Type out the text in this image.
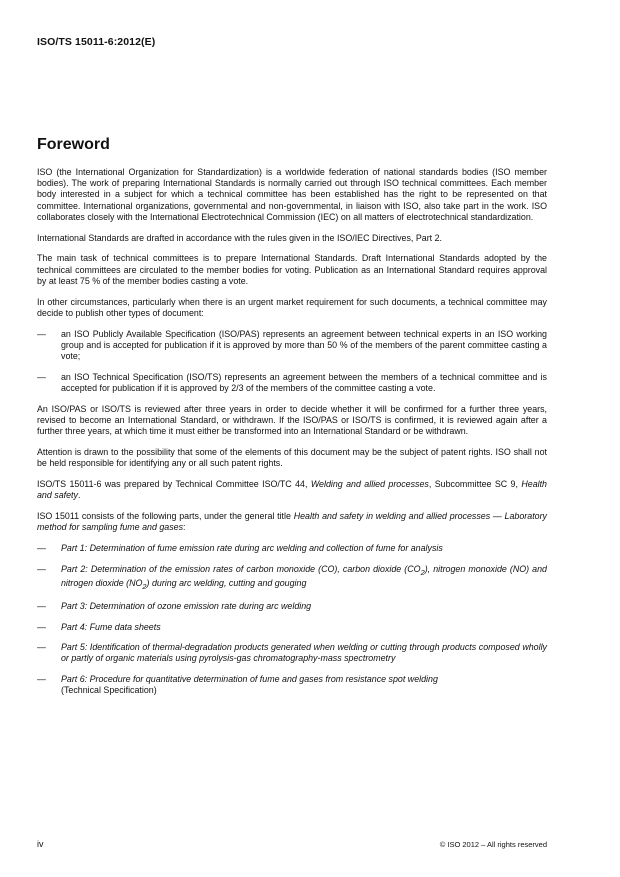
ISO/TS 15011-6:2012(E)
Foreword

ISO (the International Organization for Standardization) is a worldwide federation of national standards bodies (ISO member bodies). The work of preparing International Standards is normally carried out through ISO technical committees. Each member body interested in a subject for which a technical committee has been established has the right to be represented on that committee. International organizations, governmental and non-governmental, in liaison with ISO, also take part in the work. ISO collaborates closely with the International Electrotechnical Commission (IEC) on all matters of electrotechnical standardization.

International Standards are drafted in accordance with the rules given in the ISO/IEC Directives, Part 2.

The main task of technical committees is to prepare International Standards. Draft International Standards adopted by the technical committees are circulated to the member bodies for voting. Publication as an International Standard requires approval by at least 75 % of the member bodies casting a vote.

In other circumstances, particularly when there is an urgent market requirement for such documents, a technical committee may decide to publish other types of document:

—	an ISO Publicly Available Specification (ISO/PAS) represents an agreement between technical experts in an ISO working group and is accepted for publication if it is approved by more than 50 % of the members of the parent committee casting a vote;
—	an ISO Technical Specification (ISO/TS) represents an agreement between the members of a technical committee and is accepted for publication if it is approved by 2/3 of the members of the committee casting a vote.

An ISO/PAS or ISO/TS is reviewed after three years in order to decide whether it will be confirmed for a further three years, revised to become an International Standard, or withdrawn. If the ISO/PAS or ISO/TS is confirmed, it is reviewed again after a further three years, at which time it must either be transformed into an International Standard or be withdrawn.

Attention is drawn to the possibility that some of the elements of this document may be the subject of patent rights. ISO shall not be held responsible for identifying any or all such patent rights.

ISO/TS 15011-6 was prepared by Technical Committee ISO/TC 44, Welding and allied processes, Subcommittee SC 9, Health and safety.

ISO 15011 consists of the following parts, under the general title Health and safety in welding and allied processes — Laboratory method for sampling fume and gases:

—	Part 1: Determination of fume emission rate during arc welding and collection of fume for analysis
—	Part 2: Determination of the emission rates of carbon monoxide (CO), carbon dioxide $(CO_2)$, nitrogen monoxide (NO) and nitrogen dioxide $(NO_2)$ during arc welding, cutting and gouging
—	Part 3: Determination of ozone emission rate during arc welding
—	Part 4: Fume data sheets
—	Part 5: Identification of thermal-degradation products generated when welding or cutting through products composed wholly or partly of organic materials using pyrolysis-gas chromatography-mass spectrometry
—	Part 6: Procedure for quantitative determination of fume and gases from resistance spot welding
(Technical Specification)
iv	© ISO 2012 – All rights reserved
